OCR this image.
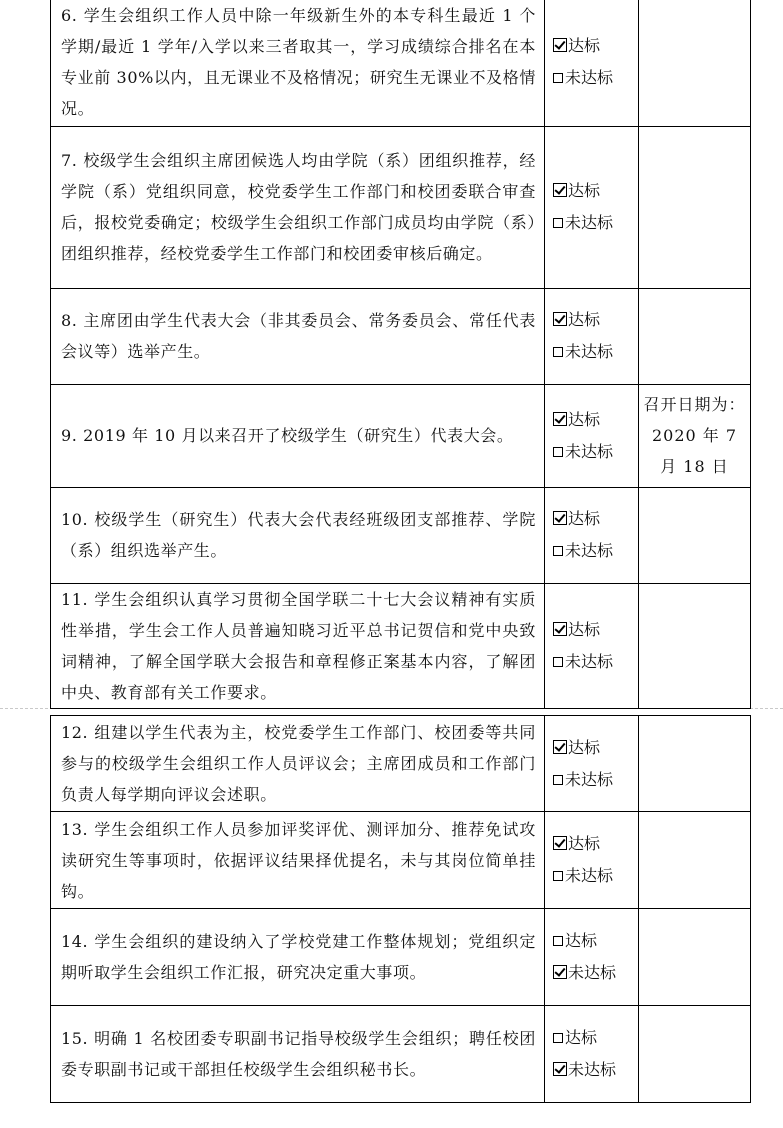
6. 学生会组织工作人员中除一年级新生外的本专科生最近 1 个学期/最近 1 学年/入学以来三者取其一，学习成绩综合排名在本专业前 30%以内，且无课业不及格情况；研究生无课业不及格情况。	达标
未达标	

7. 校级学生会组织主席团候选人均由学院（系）团组织推荐，经学院（系）党组织同意，校党委学生工作部门和校团委联合审查后，报校党委确定；校级学生会组织工作部门成员均由学院（系）团组织推荐，经校党委学生工作部门和校团委审核后确定。	达标
未达标	

8. 主席团由学生代表大会（非其委员会、常务委员会、常任代表会议等）选举产生。	达标
未达标	

9. 2019 年 10 月以来召开了校级学生（研究生）代表大会。	达标
未达标	召开日期为：2020 年 7 月 18 日

10. 校级学生（研究生）代表大会代表经班级团支部推荐、学院（系）组织选举产生。	达标
未达标	

11. 学生会组织认真学习贯彻全国学联二十七大会议精神有实质性举措，学生会工作人员普遍知晓习近平总书记贺信和党中央致词精神，了解全国学联大会报告和章程修正案基本内容，了解团中央、教育部有关工作要求。	达标
未达标	

12. 组建以学生代表为主，校党委学生工作部门、校团委等共同参与的校级学生会组织工作人员评议会；主席团成员和工作部门负责人每学期向评议会述职。	达标
未达标	

13. 学生会组织工作人员参加评奖评优、测评加分、推荐免试攻读研究生等事项时，依据评议结果择优提名，未与其岗位简单挂钩。	达标
未达标	

14. 学生会组织的建设纳入了学校党建工作整体规划；党组织定期听取学生会组织工作汇报，研究决定重大事项。	达标
未达标	

15. 明确 1 名校团委专职副书记指导校级学生会组织；聘任校团委专职副书记或干部担任校级学生会组织秘书长。	达标
未达标	
